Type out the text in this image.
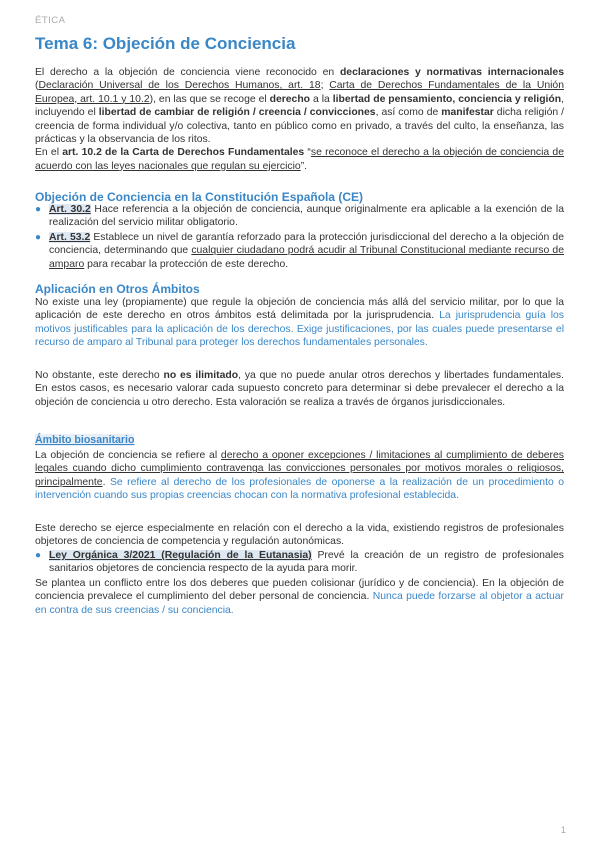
ÉTICA
Tema 6: Objeción de Conciencia
El derecho a la objeción de conciencia viene reconocido en declaraciones y normativas internacionales (Declaración Universal de los Derechos Humanos, art. 18; Carta de Derechos Fundamentales de la Unión Europea, art. 10.1 y 10.2), en las que se recoge el derecho a la libertad de pensamiento, conciencia y religión, incluyendo el libertad de cambiar de religión / creencia / convicciones, así como de manifestar dicha religión / creencia de forma individual y/o colectiva, tanto en público como en privado, a través del culto, la enseñanza, las prácticas y la observancia de los ritos.
En el art. 10.2 de la Carta de Derechos Fundamentales “se reconoce el derecho a la objeción de conciencia de acuerdo con las leyes nacionales que regulan su ejercicio”.
Objeción de Conciencia en la Constitución Española (CE)
● Art. 30.2 Hace referencia a la objeción de conciencia, aunque originalmente era aplicable a la exención de la realización del servicio militar obligatorio.
● Art. 53.2 Establece un nivel de garantía reforzado para la protección jurisdiccional del derecho a la objeción de conciencia, determinando que cualquier ciudadano podrá acudir al Tribunal Constitucional mediante recurso de amparo para recabar la protección de este derecho.
Aplicación en Otros Ámbitos
No existe una ley (propiamente) que regule la objeción de conciencia más allá del servicio militar, por lo que la aplicación de este derecho en otros ámbitos está delimitada por la jurisprudencia. La jurisprudencia guía los motivos justificables para la aplicación de los derechos. Exige justificaciones, por las cuales puede presentarse el recurso de amparo al Tribunal para proteger los derechos fundamentales personales.
No obstante, este derecho no es ilimitado, ya que no puede anular otros derechos y libertades fundamentales. En estos casos, es necesario valorar cada supuesto concreto para determinar si debe prevalecer el derecho a la objeción de conciencia u otro derecho. Esta valoración se realiza a través de órganos jurisdiccionales.
Ámbito biosanitario
La objeción de conciencia se refiere al derecho a oponer excepciones / limitaciones al cumplimiento de deberes legales cuando dicho cumplimiento contravenga las convicciones personales por motivos morales o religiosos, principalmente. Se refiere al derecho de los profesionales de oponerse a la realización de un procedimiento o intervención cuando sus propias creencias chocan con la normativa profesional establecida.
Este derecho se ejerce especialmente en relación con el derecho a la vida, existiendo registros de profesionales objetores de conciencia de competencia y regulación autonómicas.
● Ley Orgánica 3/2021 (Regulación de la Eutanasia) Prevé la creación de un registro de profesionales sanitarios objetores de conciencia respecto de la ayuda para morir.
Se plantea un conflicto entre los dos deberes que pueden colisionar (jurídico y de conciencia). En la objeción de conciencia prevalece el cumplimiento del deber personal de conciencia. Nunca puede forzarse al objetor a actuar en contra de sus creencias / su conciencia.
1
